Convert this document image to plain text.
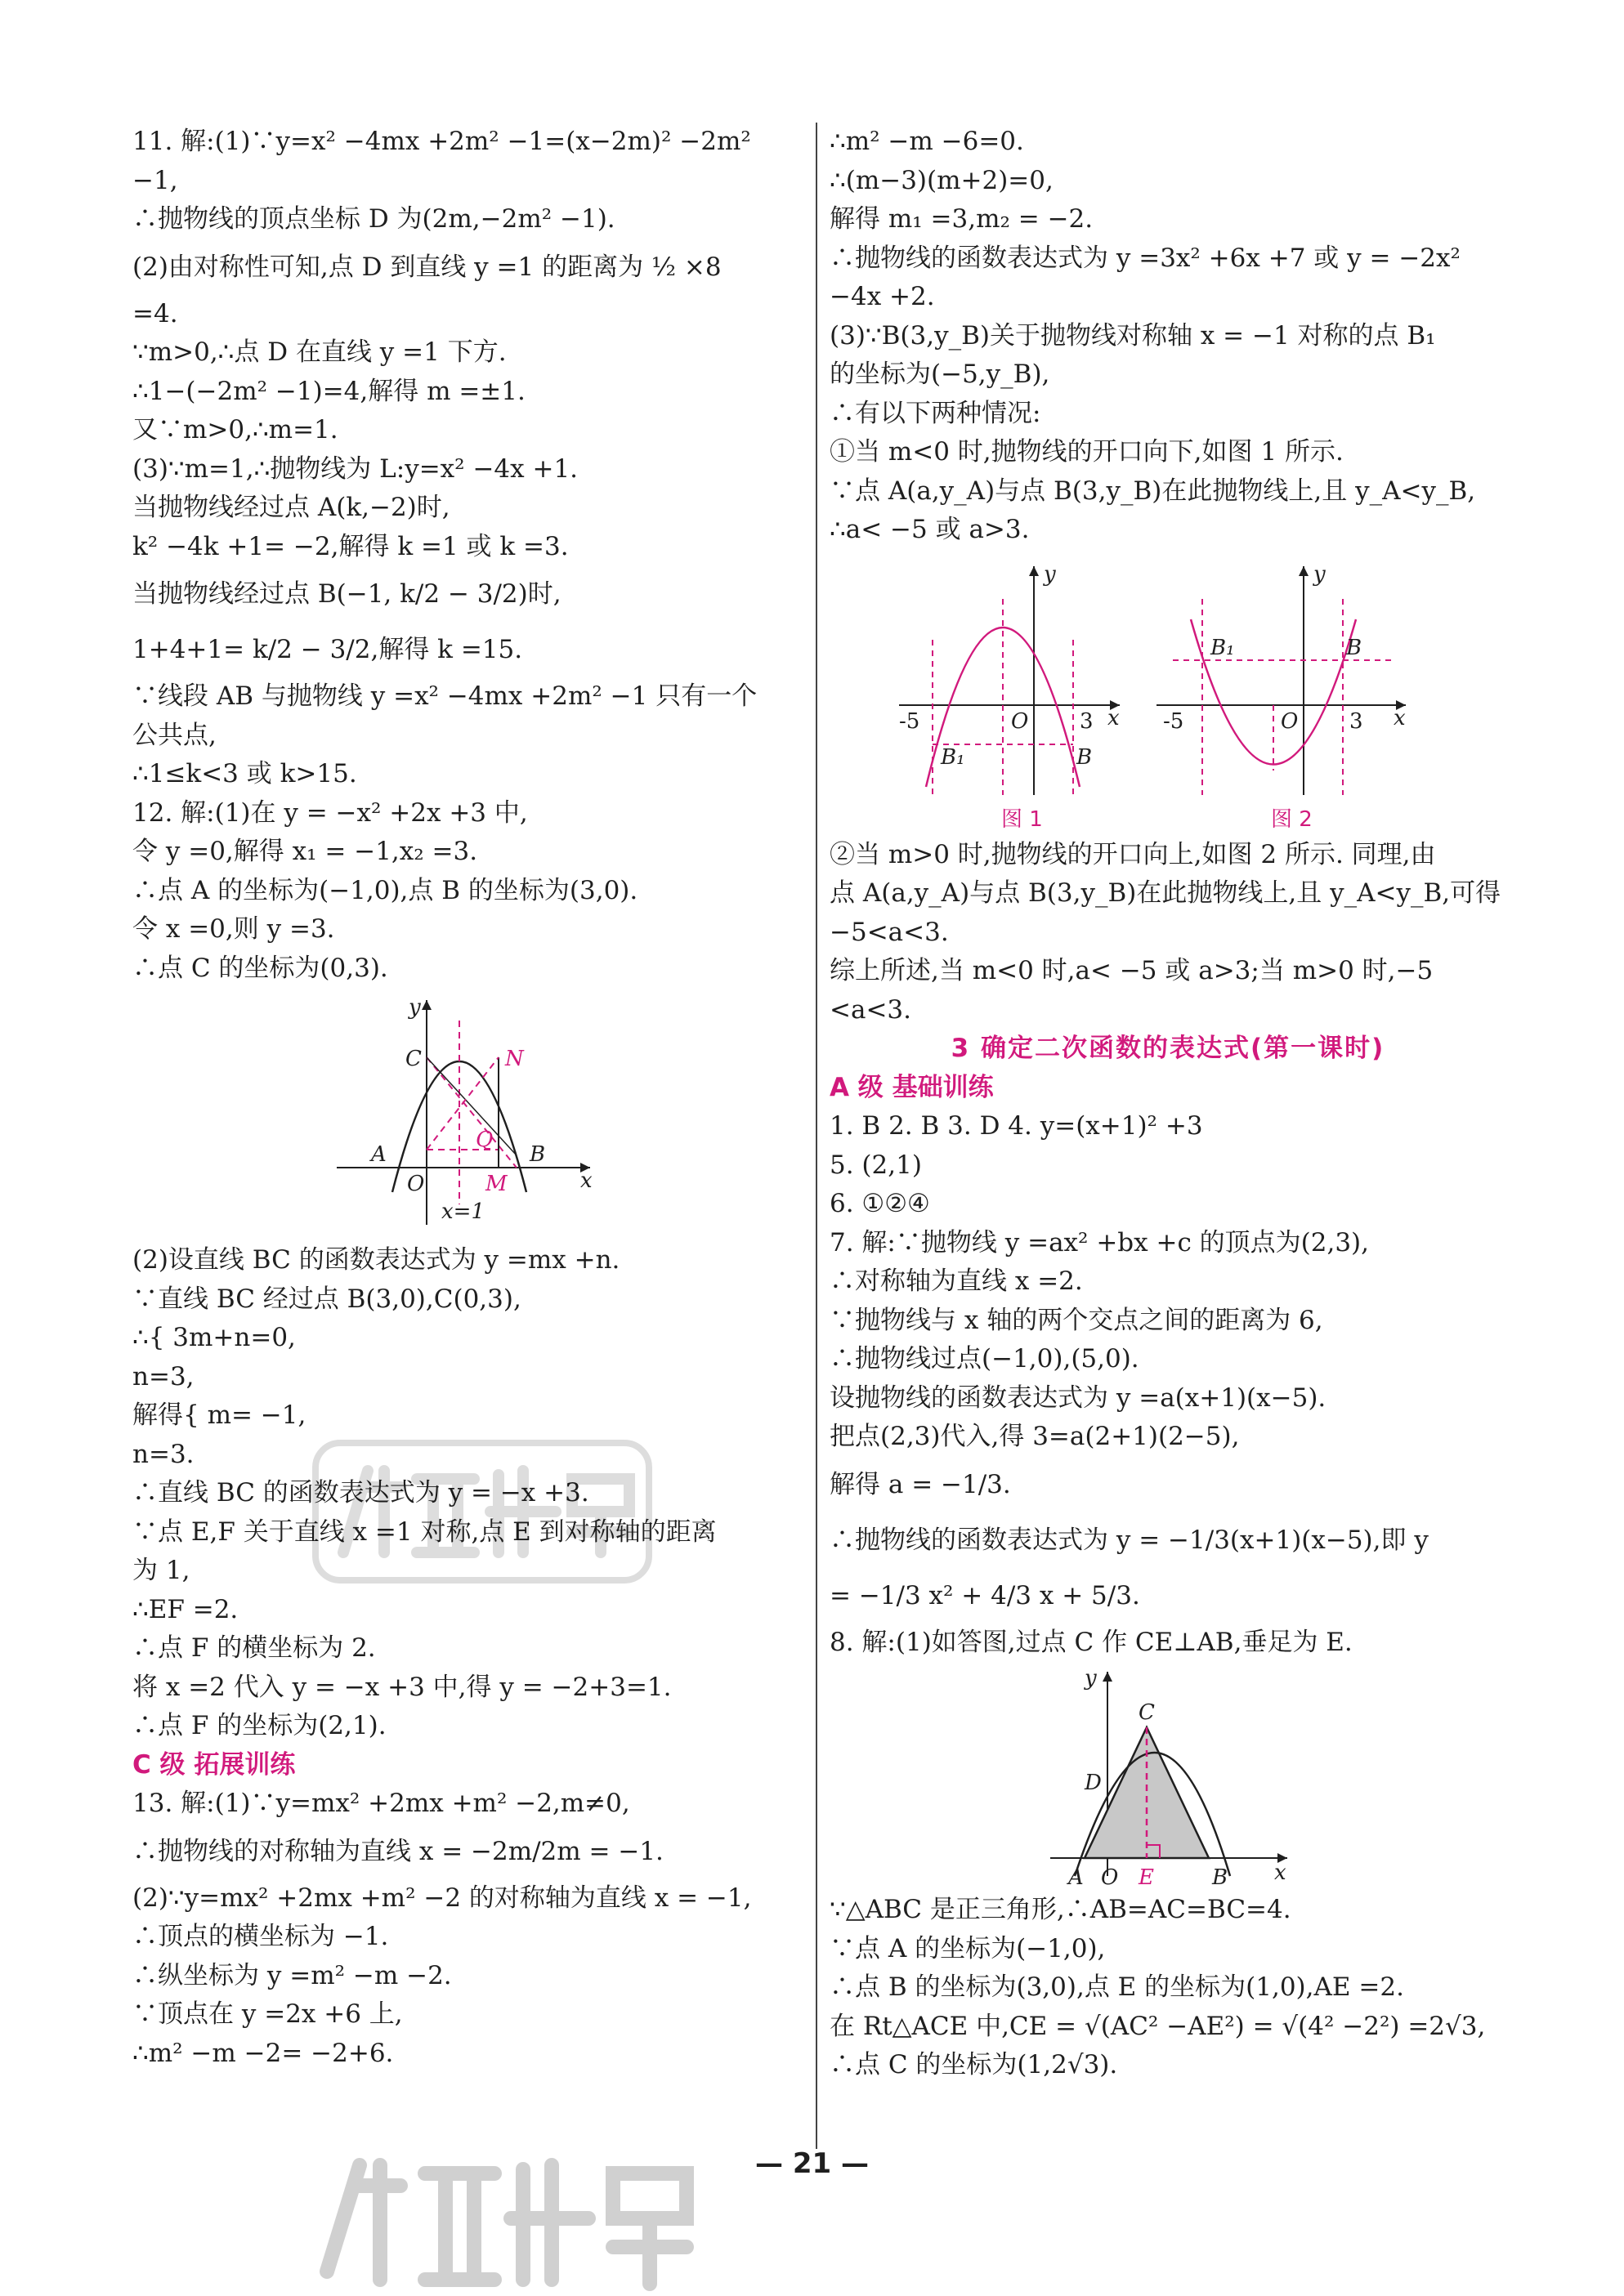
11. 解:(1)∵y=x² −4mx +2m² −1=(x−2m)² −2m²
−1,
∴抛物线的顶点坐标 D 为(2m,−2m² −1).
(2)由对称性可知,点 D 到直线 y =1 的距离为 ½ ×8
=4.
∵m>0,∴点 D 在直线 y =1 下方.
∴1−(−2m² −1)=4,解得 m =±1.
又∵m>0,∴m=1.
(3)∵m=1,∴抛物线为 L:y=x² −4x +1.
当抛物线经过点 A(k,−2)时,
k² −4k +1= −2,解得 k =1 或 k =3.
当抛物线经过点 B(−1, k/2 − 3/2)时,
1+4+1= k/2 − 3/2,解得 k =15.
∵线段 AB 与抛物线 y =x² −4mx +2m² −1 只有一个
公共点,
∴1≤k<3 或 k>15.
12. 解:(1)在 y = −x² +2x +3 中,
令 y =0,解得 x₁ = −1,x₂ =3.
∴点 A 的坐标为(−1,0),点 B 的坐标为(3,0).
令 x =0,则 y =3.
∴点 C 的坐标为(0,3).
y
C	N
Q
A	B
O	M
x=1
x
(2)设直线 BC 的函数表达式为 y =mx +n.
∵直线 BC 经过点 B(3,0),C(0,3),
∴{ 3m+n=0,
n=3,
解得{ m= −1,
n=3.
∴直线 BC 的函数表达式为 y = −x +3.
∵点 E,F 关于直线 x =1 对称,点 E 到对称轴的距离
为 1,
∴EF =2.
∴点 F 的横坐标为 2.
将 x =2 代入 y = −x +3 中,得 y = −2+3=1.
∴点 F 的坐标为(2,1).
C 级 拓展训练
13. 解:(1)∵y=mx² +2mx +m² −2,m≠0,
∴抛物线的对称轴为直线 x = −2m/2m = −1.
(2)∵y=mx² +2mx +m² −2 的对称轴为直线 x = −1,
∴顶点的横坐标为 −1.
∴纵坐标为 y =m² −m −2.
∵顶点在 y =2x +6 上,
∴m² −m −2= −2+6.
∴m² −m −6=0.
∴(m−3)(m+2)=0,
解得 m₁ =3,m₂ = −2.
∴抛物线的函数表达式为 y =3x² +6x +7 或 y = −2x²
−4x +2.
(3)∵B(3,y_B)关于抛物线对称轴 x = −1 对称的点 B₁
的坐标为(−5,y_B),
∴有以下两种情况:
①当 m<0 时,抛物线的开口向下,如图 1 所示.
∵点 A(a,y_A)与点 B(3,y_B)在此抛物线上,且 y_A<y_B,
∴a< −5 或 a>3.
y
-5	O 3 x
B₁	B
图 1
y
B₁	B
-5	O 3 x
图 2
②当 m>0 时,抛物线的开口向上,如图 2 所示. 同理,由
点 A(a,y_A)与点 B(3,y_B)在此抛物线上,且 y_A<y_B,可得
−5<a<3.
综上所述,当 m<0 时,a< −5 或 a>3;当 m>0 时,−5
<a<3.
3 确定二次函数的表达式(第一课时)
A 级 基础训练
1. B 2. B 3. D 4. y=(x+1)² +3
5. (2,1)
6. ①②④
7. 解:∵抛物线 y =ax² +bx +c 的顶点为(2,3),
∴对称轴为直线 x =2.
∵抛物线与 x 轴的两个交点之间的距离为 6,
∴抛物线过点(−1,0),(5,0).
设抛物线的函数表达式为 y =a(x+1)(x−5).
把点(2,3)代入,得 3=a(2+1)(2−5),
解得 a = −1/3.
∴抛物线的函数表达式为 y = −1/3(x+1)(x−5),即 y
= −1/3 x² + 4/3 x + 5/3.
8. 解:(1)如答图,过点 C 作 CE⊥AB,垂足为 E.
y
C
D
A O E	B x
∵△ABC 是正三角形,∴AB=AC=BC=4.
∵点 A 的坐标为(−1,0),
∴点 B 的坐标为(3,0),点 E 的坐标为(1,0),AE =2.
在 Rt△ACE 中,CE = √(AC² −AE²) = √(4² −2²) =2√3,
∴点 C 的坐标为(1,2√3).
— 21 —
